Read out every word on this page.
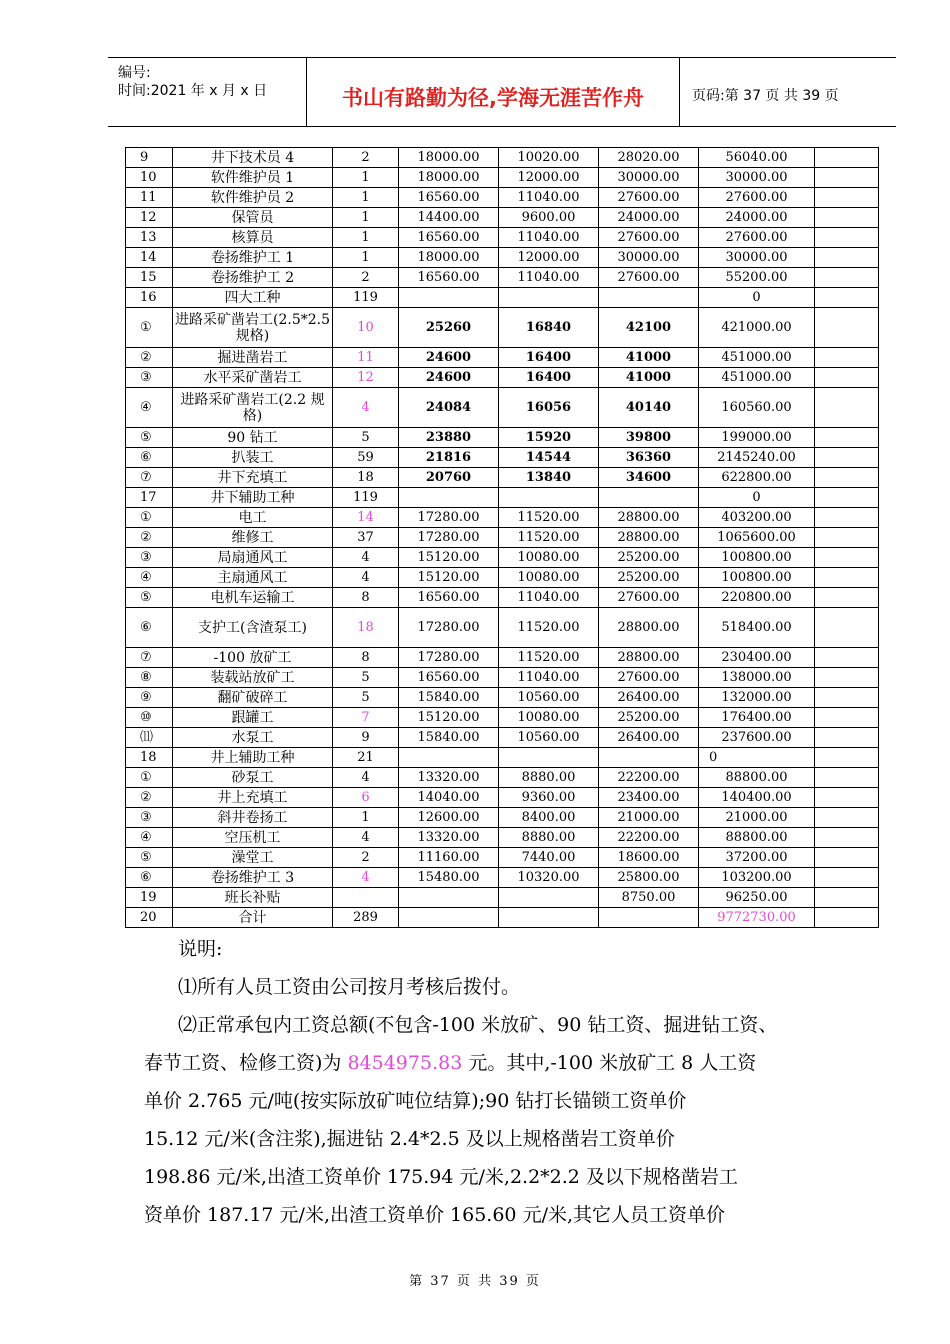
编号:
时间:2021 年 x 月 x 日	书山有路勤为径,学海无涯苦作舟	页码:第 37 页 共 39 页
9	井下技术员 4	2	18000.00	10020.00	28020.00	56040.00	
10	软件维护员 1	1	18000.00	12000.00	30000.00	30000.00	
11	软件维护员 2	1	16560.00	11040.00	27600.00	27600.00	
12	保管员	1	14400.00	9600.00	24000.00	24000.00	
13	核算员	1	16560.00	11040.00	27600.00	27600.00	
14	卷扬维护工 1	1	18000.00	12000.00	30000.00	30000.00	
15	卷扬维护工 2	2	16560.00	11040.00	27600.00	55200.00	
16	四大工种	119				0	
①	进路采矿凿岩工(2.5*2.5 规格)	10	25260	16840	42100	421000.00	
②	掘进凿岩工	11	24600	16400	41000	451000.00	
③	水平采矿凿岩工	12	24600	16400	41000	451000.00	
④	进路采矿凿岩工(2.2 规格)	4	24084	16056	40140	160560.00	
⑤	90 钻工	5	23880	15920	39800	199000.00	
⑥	扒装工	59	21816	14544	36360	2145240.00	
⑦	井下充填工	18	20760	13840	34600	622800.00	
17	井下辅助工种	119				0	
①	电工	14	17280.00	11520.00	28800.00	403200.00	
②	维修工	37	17280.00	11520.00	28800.00	1065600.00	
③	局扇通风工	4	15120.00	10080.00	25200.00	100800.00	
④	主扇通风工	4	15120.00	10080.00	25200.00	100800.00	
⑤	电机车运输工	8	16560.00	11040.00	27600.00	220800.00	
⑥	支护工(含渣泵工)	18	17280.00	11520.00	28800.00	518400.00	
⑦	-100 放矿工	8	17280.00	11520.00	28800.00	230400.00	
⑧	装载站放矿工	5	16560.00	11040.00	27600.00	138000.00	
⑨	翻矿破碎工	5	15840.00	10560.00	26400.00	132000.00	
⑩	跟罐工	7	15120.00	10080.00	25200.00	176400.00	
⑾	水泵工	9	15840.00	10560.00	26400.00	237600.00	
18	井上辅助工种	21				0	
①	砂泵工	4	13320.00	8880.00	22200.00	88800.00	
②	井上充填工	6	14040.00	9360.00	23400.00	140400.00	
③	斜井卷扬工	1	12600.00	8400.00	21000.00	21000.00	
④	空压机工	4	13320.00	8880.00	22200.00	88800.00	
⑤	澡堂工	2	11160.00	7440.00	18600.00	37200.00	
⑥	卷扬维护工 3	4	15480.00	10320.00	25800.00	103200.00	
19	班长补贴				8750.00	96250.00	
20	合计	289				9772730.00	

说明:

⑴所有人员工资由公司按月考核后拨付。

⑵正常承包内工资总额(不包含-100 米放矿、90 钻工资、掘进钻工资、

春节工资、检修工资)为 8454975.83 元。其中,-100 米放矿工 8 人工资

单价 2.765 元/吨(按实际放矿吨位结算);90 钻打长锚锁工资单价

15.12 元/米(含注浆),掘进钻 2.4*2.5 及以上规格凿岩工资单价

198.86 元/米,出渣工资单价 175.94 元/米,2.2*2.2 及以下规格凿岩工

资单价 187.17 元/米,出渣工资单价 165.60 元/米,其它人员工资单价

第 37 页 共 39 页
